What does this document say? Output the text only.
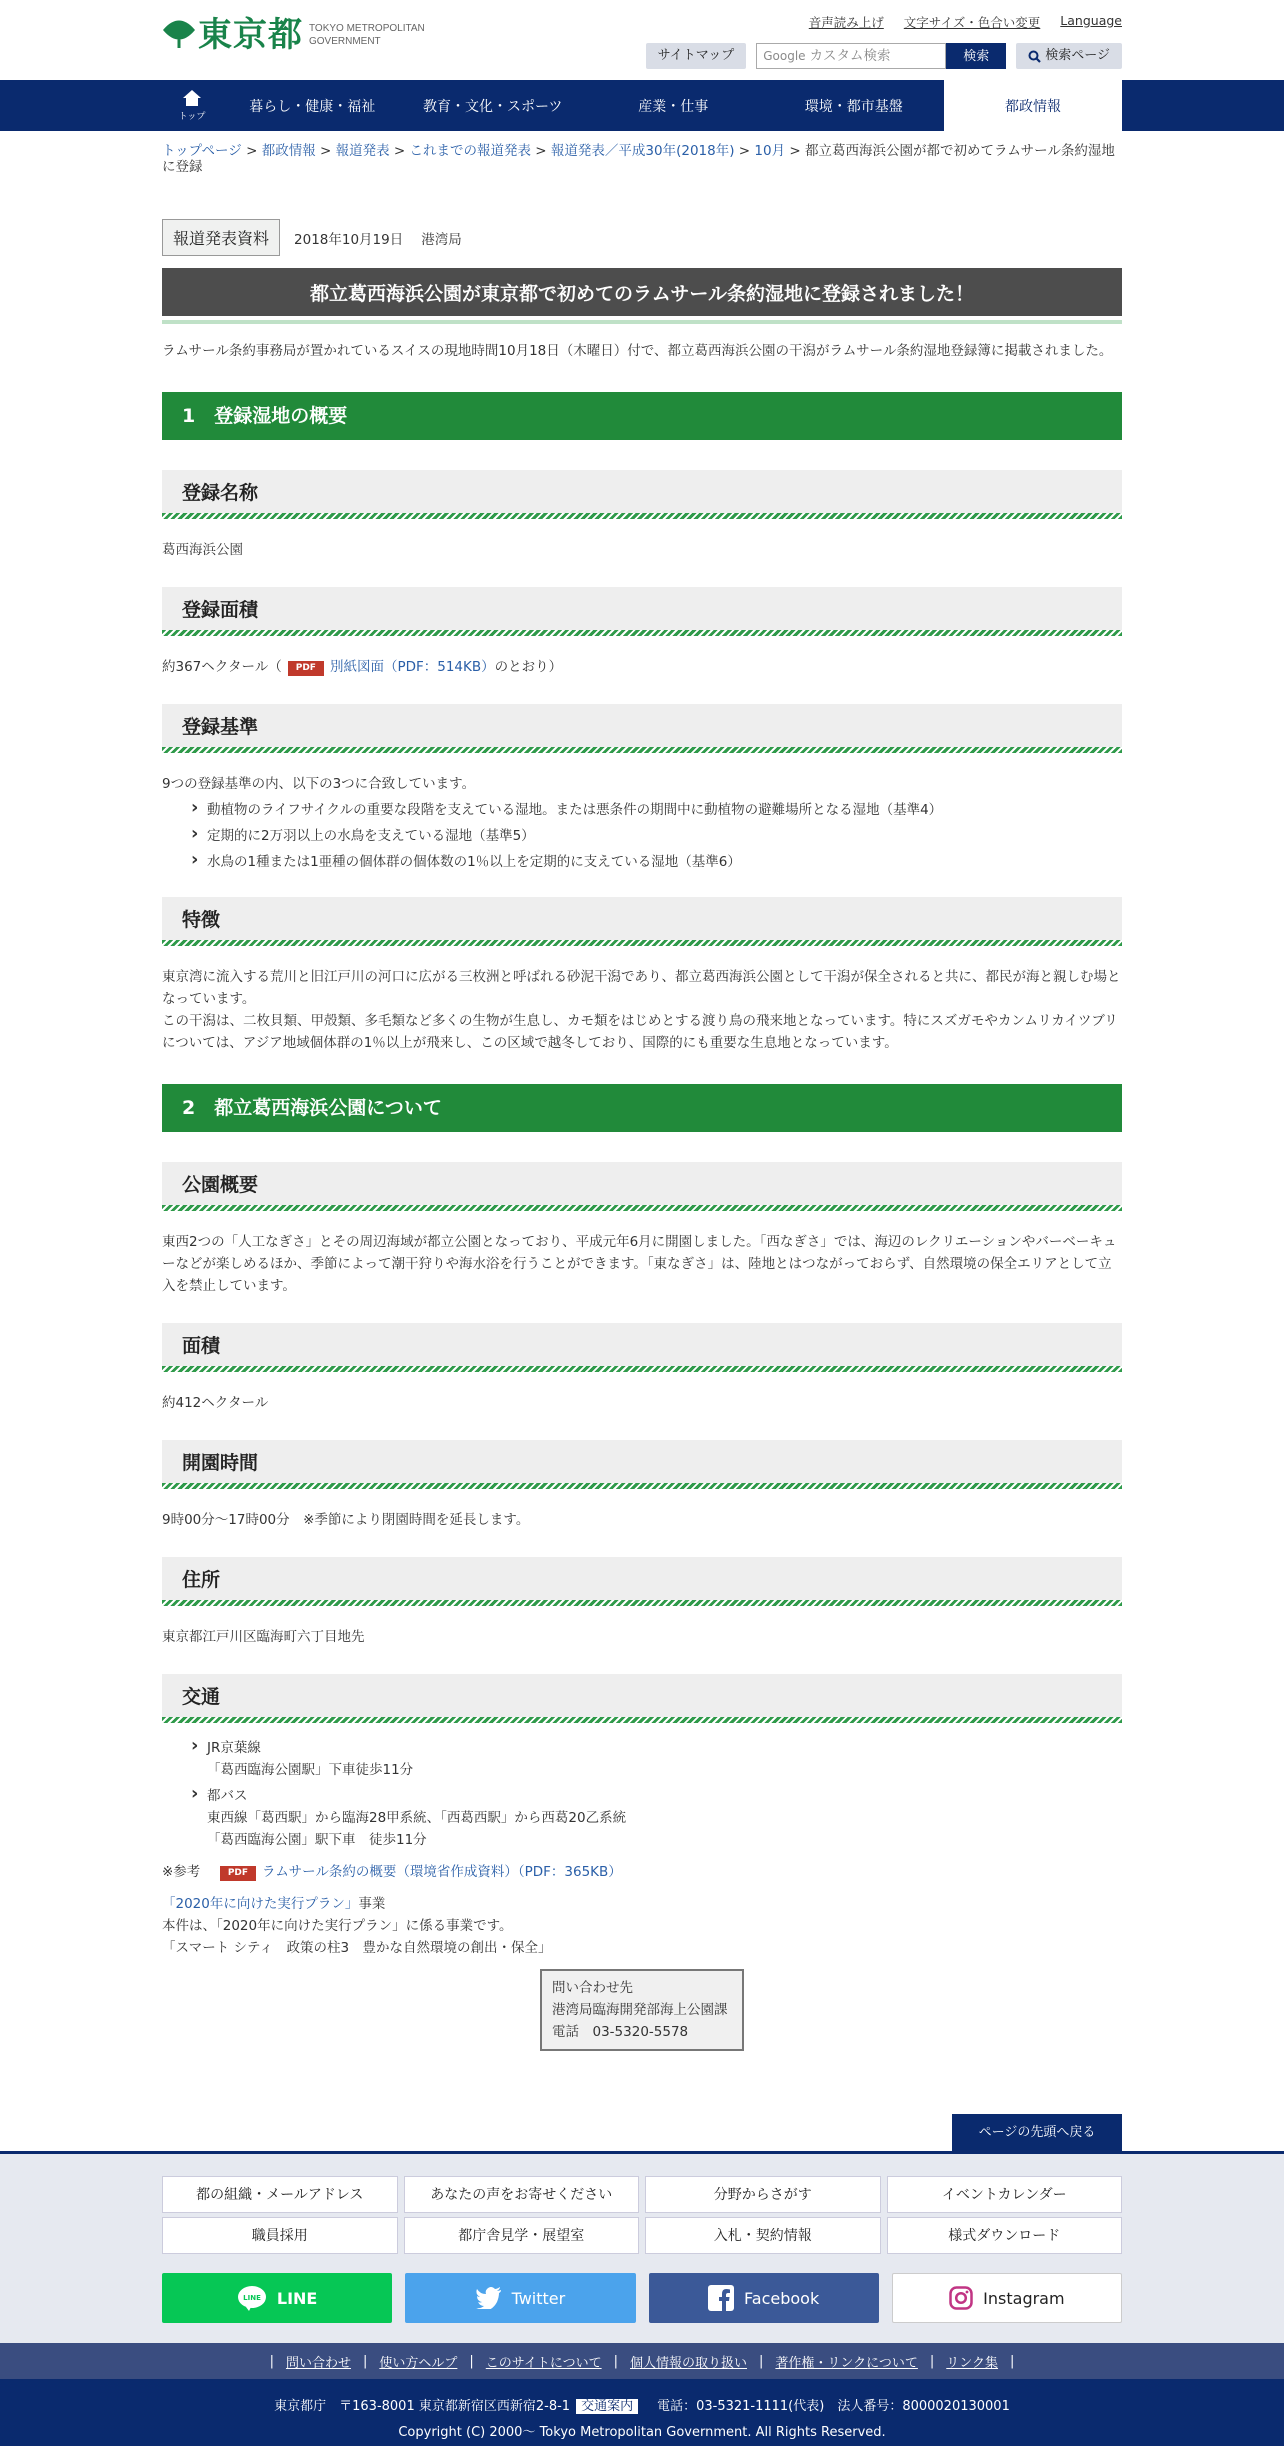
東京都 TOKYO METROPOLITAN
GOVERNMENT
音声読み上げ 文字サイズ・色合い変更 Language
サイトマップ	Google カスタム検索	検索	検索ページ
トップ
暮らし・健康・福祉	教育・文化・スポーツ	産業・仕事	環境・都市基盤	都政情報
トップページ > 都政情報 > 報道発表 > これまでの報道発表 > 報道発表／平成30年(2018年) > 10月 > 都立葛西海浜公園が都で初めてラムサール条約湿地に登録
報道発表資料	2018年10月19日 港湾局
都立葛西海浜公園が東京都で初めてのラムサール条約湿地に登録されました！
ラムサール条約事務局が置かれているスイスの現地時間10月18日（木曜日）付で、都立葛西海浜公園の干潟がラムサール条約湿地登録簿に掲載されました。
1　登録湿地の概要
登録名称
葛西海浜公園
登録面積
約367ヘクタール（ PDF 別紙図面（PDF：514KB）のとおり）
登録基準
9つの登録基準の内、以下の3つに合致しています。
› 動植物のライフサイクルの重要な段階を支えている湿地。または悪条件の期間中に動植物の避難場所となる湿地（基準4）
› 定期的に2万羽以上の水鳥を支えている湿地（基準5）
› 水鳥の1種または1亜種の個体群の個体数の1％以上を定期的に支えている湿地（基準6）
特徴
東京湾に流入する荒川と旧江戸川の河口に広がる三枚洲と呼ばれる砂泥干潟であり、都立葛西海浜公園として干潟が保全されると共に、都民が海と親しむ場となっています。
この干潟は、二枚貝類、甲殻類、多毛類など多くの生物が生息し、カモ類をはじめとする渡り鳥の飛来地となっています。特にスズガモやカンムリカイツブリについては、アジア地域個体群の1％以上が飛来し、この区域で越冬しており、国際的にも重要な生息地となっています。
2　都立葛西海浜公園について
公園概要
東西2つの「人工なぎさ」とその周辺海域が都立公園となっており、平成元年6月に開園しました。「西なぎさ」では、海辺のレクリエーションやバーベーキューなどが楽しめるほか、季節によって潮干狩りや海水浴を行うことができます。「東なぎさ」は、陸地とはつながっておらず、自然環境の保全エリアとして立入を禁止しています。
面積
約412ヘクタール
開園時間
9時00分～17時00分　※季節により閉園時間を延長します。
住所
東京都江戸川区臨海町六丁目地先
交通
› JR京葉線
「葛西臨海公園駅」下車徒歩11分
› 都バス
東西線「葛西駅」から臨海28甲系統、「西葛西駅」から西葛20乙系統
「葛西臨海公園」駅下車　徒歩11分
※参考　	PDF ラムサール条約の概要（環境省作成資料）（PDF：365KB）
「2020年に向けた実行プラン」事業
本件は、「2020年に向けた実行プラン」に係る事業です。
「スマート シティ　政策の柱3　豊かな自然環境の創出・保全」
問い合わせ先
港湾局臨海開発部海上公園課
電話　03-5320-5578
ページの先頭へ戻る
都の組織・メールアドレス	あなたの声をお寄せください	分野からさがす	イベントカレンダー
職員採用	都庁舎見学・展望室	入札・契約情報	様式ダウンロード
LINE LINE	Twitter	Facebook	Instagram
| 問い合わせ | 使い方ヘルプ | このサイトについて | 個人情報の取り扱い | 著作権・リンクについて | リンク集 |
東京都庁　〒163-8001 東京都新宿区西新宿2-8-1 交通案内　 電話：03-5321-1111(代表)　法人番号：8000020130001
Copyright (C) 2000～ Tokyo Metropolitan Government. All Rights Reserved.
